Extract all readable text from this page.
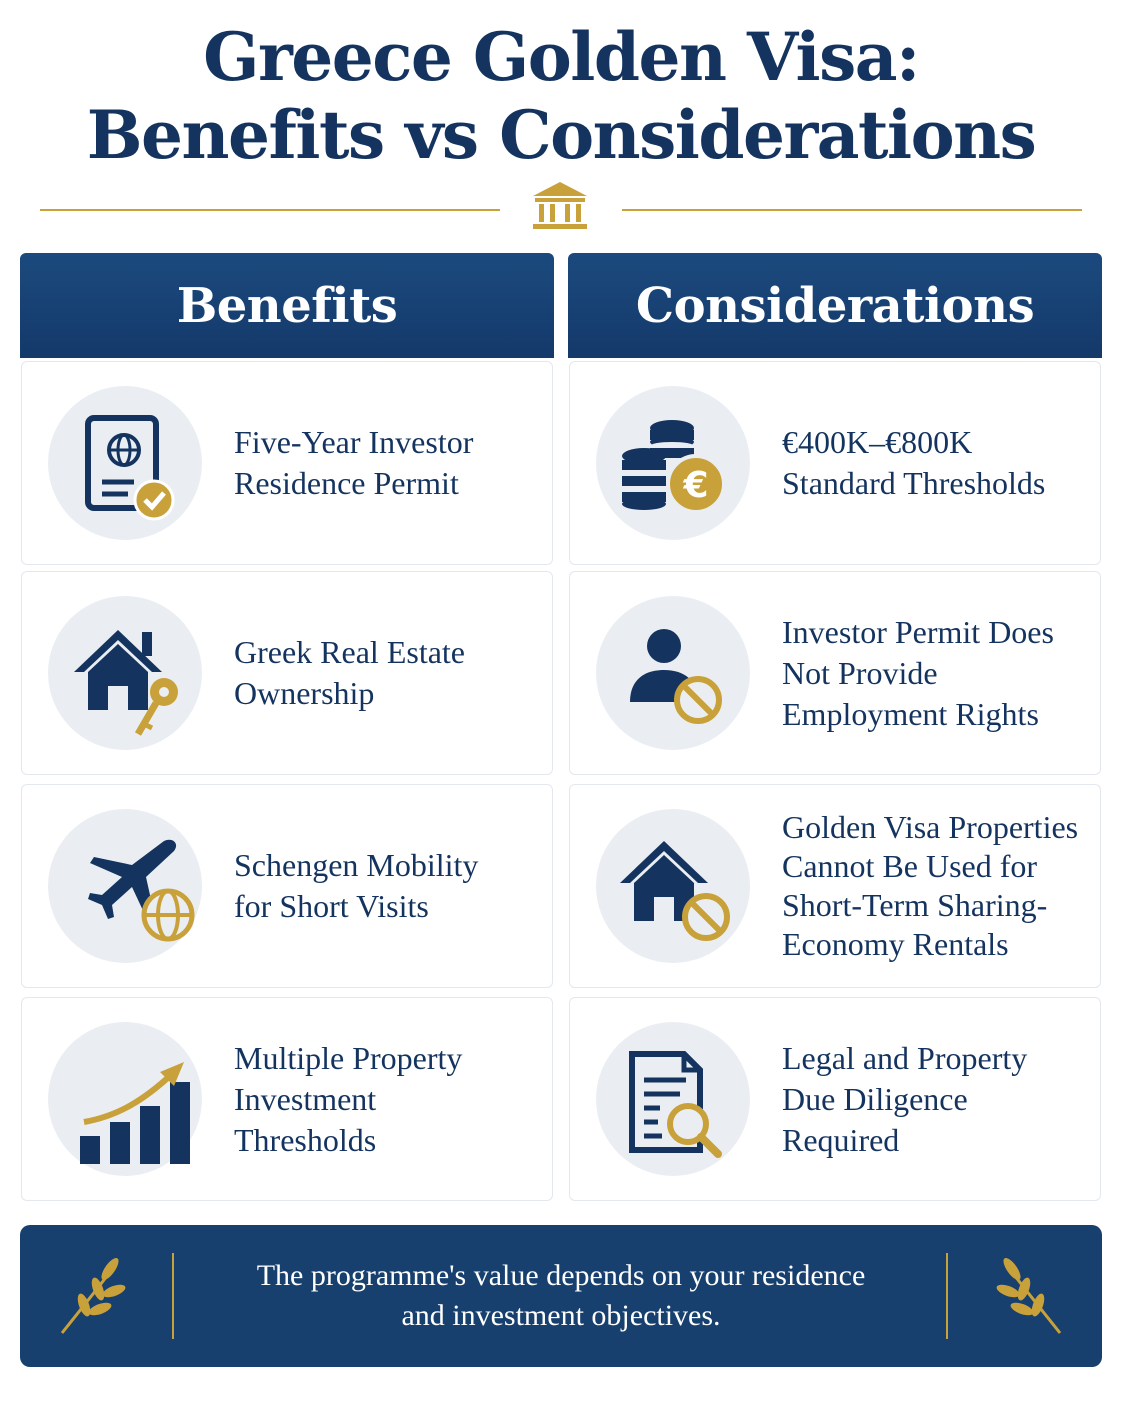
Greece Golden Visa:
Benefits vs Considerations
Benefits	Considerations
Five-Year Investor
Residence Permit
Greek Real Estate
Ownership
Schengen Mobility
for Short Visits
Multiple Property
Investment
Thresholds
€
€400K–€800K
Standard Thresholds
Investor Permit Does
Not Provide
Employment Rights
Golden Visa Properties
Cannot Be Used for
Short-Term Sharing-
Economy Rentals
Legal and Property
Due Diligence
Required
The programme's value depends on your residence
and investment objectives.
